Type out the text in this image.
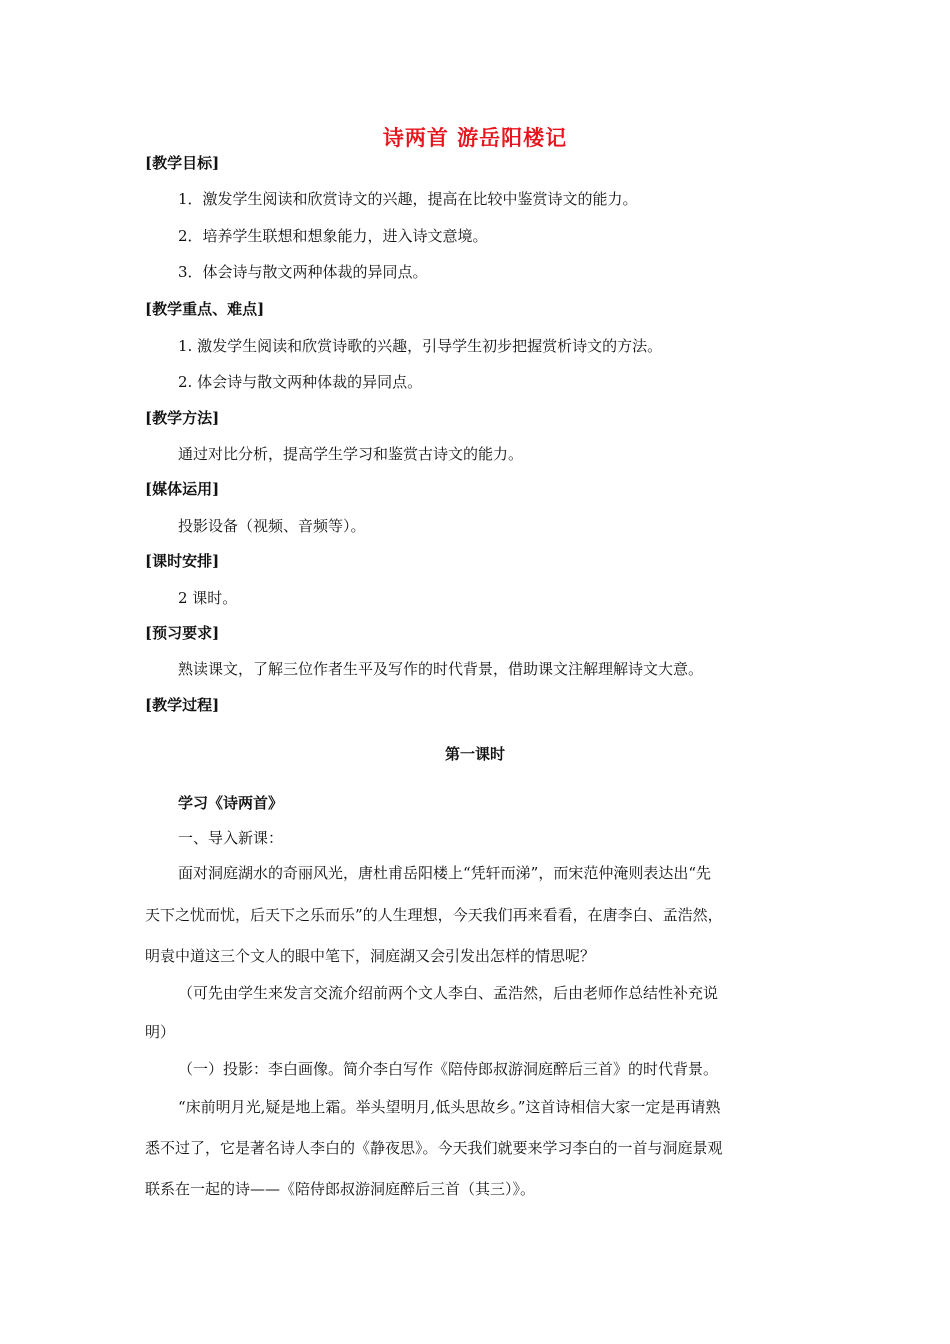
诗两首 游岳阳楼记
[教学目标]
1．激发学生阅读和欣赏诗文的兴趣，提高在比较中鉴赏诗文的能力。
2．培养学生联想和想象能力，进入诗文意境。
3．体会诗与散文两种体裁的异同点。
[教学重点、难点]
1. 激发学生阅读和欣赏诗歌的兴趣，引导学生初步把握赏析诗文的方法。
2. 体会诗与散文两种体裁的异同点。
[教学方法]
通过对比分析，提高学生学习和鉴赏古诗文的能力。
[媒体运用]
投影设备（视频、音频等）。
[课时安排]
2 课时。
[预习要求]
熟读课文，了解三位作者生平及写作的时代背景，借助课文注解理解诗文大意。
[教学过程]
第一课时
学习《诗两首》
一、导入新课：
面对洞庭湖水的奇丽风光，唐杜甫岳阳楼上“凭轩而涕”，而宋范仲淹则表达出“先
天下之忧而忧，后天下之乐而乐”的人生理想，今天我们再来看看，在唐李白、孟浩然，
明袁中道这三个文人的眼中笔下，洞庭湖又会引发出怎样的情思呢？
（可先由学生来发言交流介绍前两个文人李白、孟浩然，后由老师作总结性补充说
明）
（一）投影：李白画像。简介李白写作《陪侍郎叔游洞庭醉后三首》的时代背景。
“床前明月光,疑是地上霜。举头望明月,低头思故乡。”这首诗相信大家一定是再请熟
悉不过了，它是著名诗人李白的《静夜思》。今天我们就要来学习李白的一首与洞庭景观
联系在一起的诗——《陪侍郎叔游洞庭醉后三首（其三）》。
